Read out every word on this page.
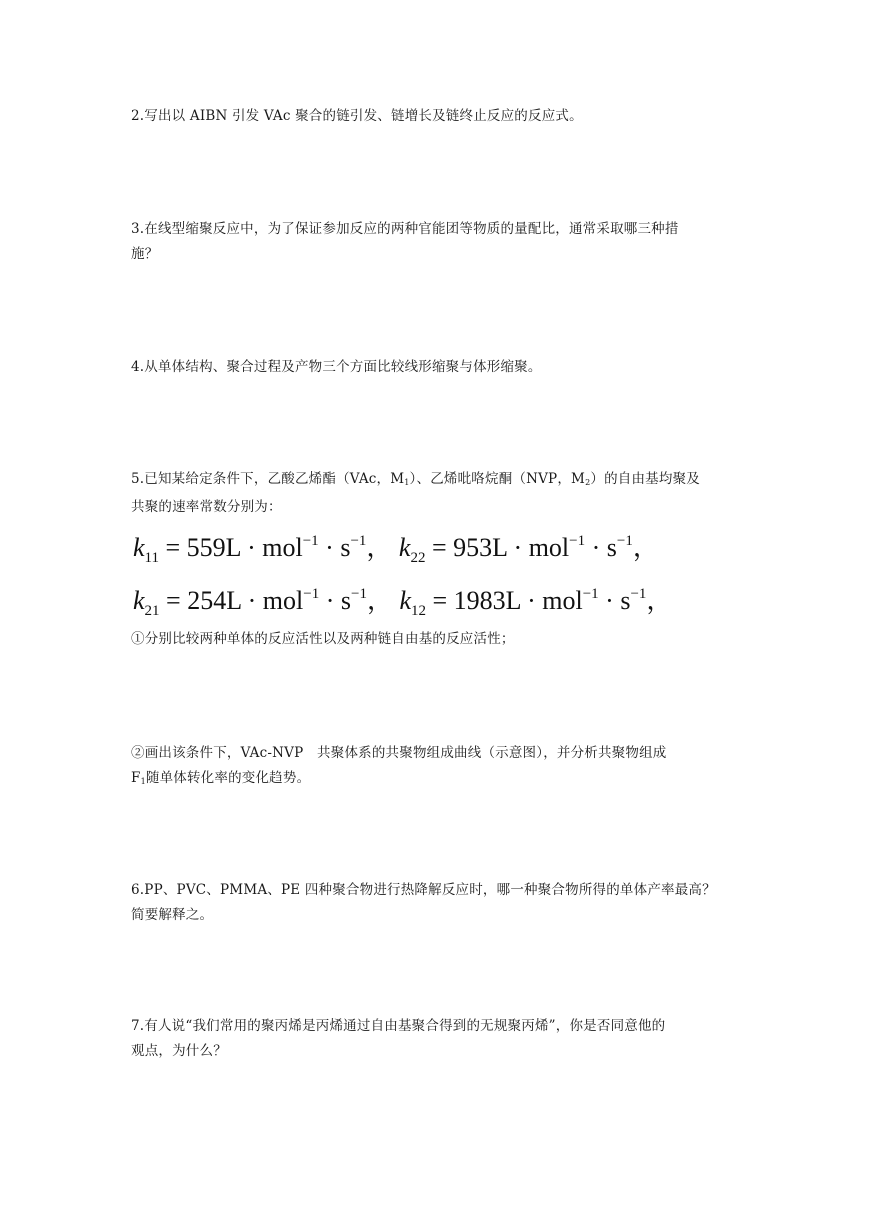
2.写出以 AIBN 引发 VAc 聚合的链引发、链增长及链终止反应的反应式。
3.在线型缩聚反应中，为了保证参加反应的两种官能团等物质的量配比，通常采取哪三种措
施？
4.从单体结构、聚合过程及产物三个方面比较线形缩聚与体形缩聚。
5.已知某给定条件下，乙酸乙烯酯（VAc，$M_1$）、乙烯吡咯烷酮（NVP，$M_2$）的自由基均聚及
共聚的速率常数分别为：
$k_{11} = 559L \cdot mol^{-1} \cdot s^{-1}$， $k_{22} = 953L \cdot mol^{-1} \cdot s^{-1}$，
$k_{21} = 254L \cdot mol^{-1} \cdot s^{-1}$， $k_{12} = 1983L \cdot mol^{-1} \cdot s^{-1}$，
①分别比较两种单体的反应活性以及两种链自由基的反应活性；
②画出该条件下，VAc-NVP　共聚体系的共聚物组成曲线（示意图），并分析共聚物组成
$F_1$随单体转化率的变化趋势。
6.PP、PVC、PMMA、PE 四种聚合物进行热降解反应时，哪一种聚合物所得的单体产率最高？
简要解释之。
7.有人说“我们常用的聚丙烯是丙烯通过自由基聚合得到的无规聚丙烯”，你是否同意他的
观点，为什么？
